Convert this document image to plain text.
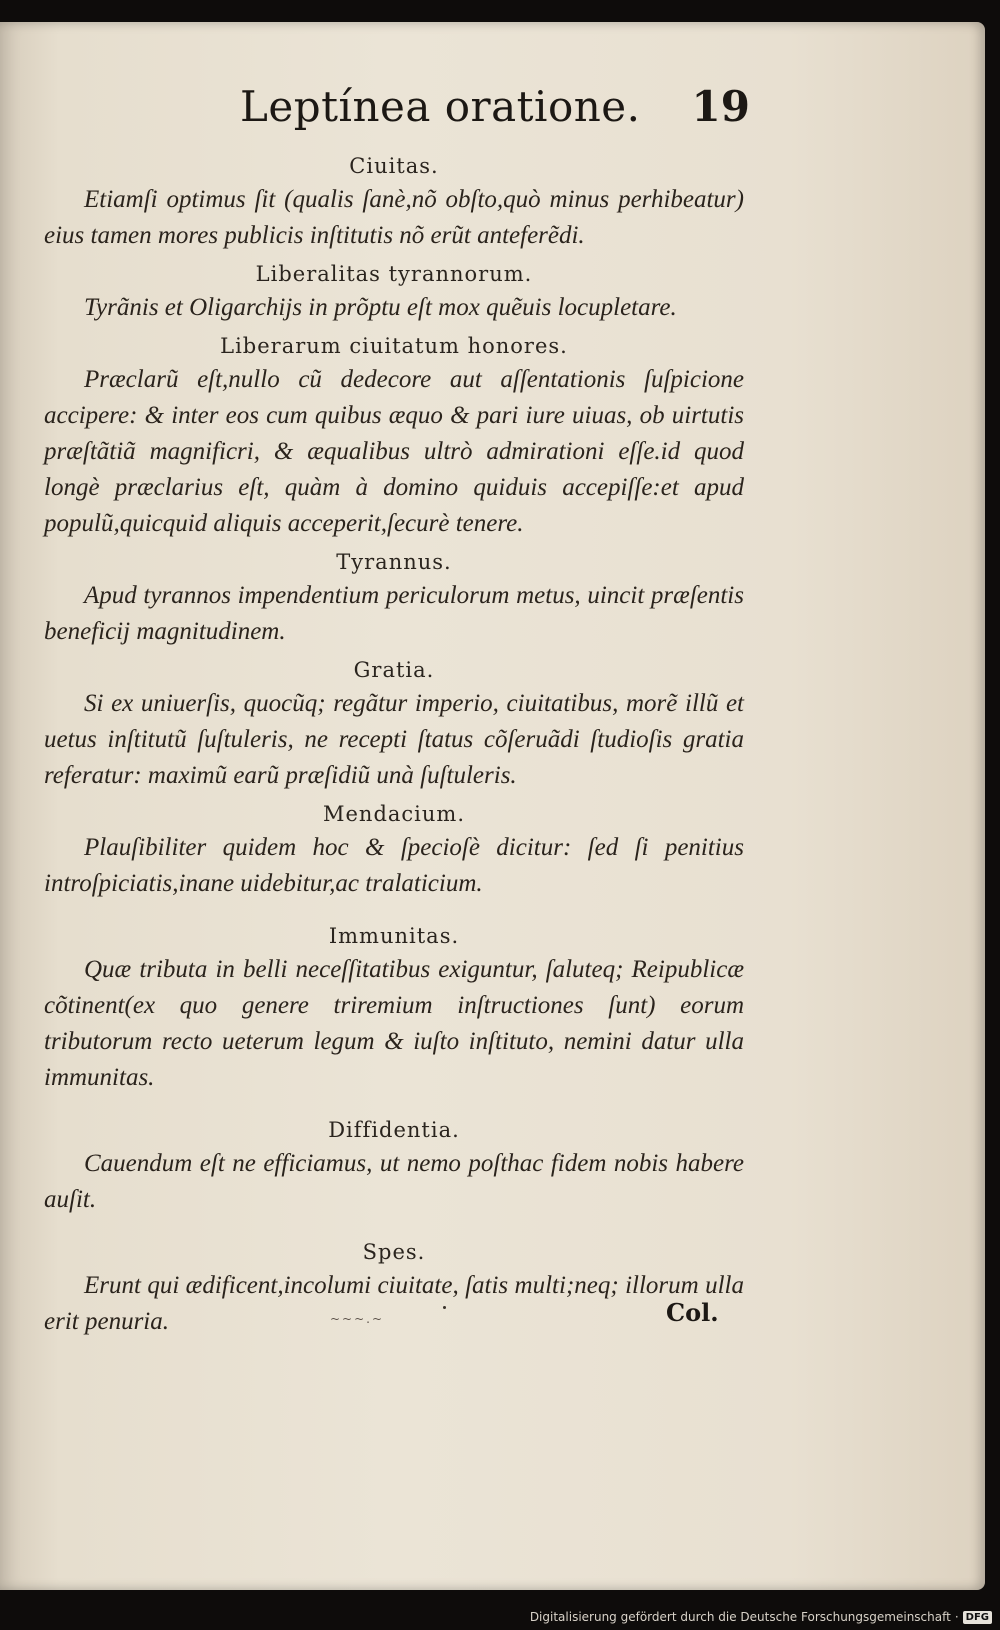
Leptínea oratione. 19

Ciuitas.

Etiamſi optimus ſit (qualis ſanè,nõ obſto,quò minus perhibeatur) eius tamen mores publicis inſtitutis nõ erũt anteferẽdi.

Liberalitas tyrannorum.

Tyrãnis et Oligarchijs in prõptu eſt mox quẽuis locupletare.

Liberarum ciuitatum honores.

Præclarũ eſt,nullo cũ dedecore aut aſſentationis ſuſpicione accipere: & inter eos cum quibus æquo & pari iure uiuas, ob uirtutis præſtãtiã magnificri, & æqualibus ultrò admirationi eſſe.id quod longè præclarius eſt, quàm à domino quiduis accepiſſe:et apud populũ,quicquid aliquis acceperit,ſecurè tenere.

Tyrannus.

Apud tyrannos impendentium periculorum metus, uincit præſentis beneficij magnitudinem.

Gratia.

Si ex uniuerſis, quocũq; regãtur imperio, ciuitatibus, morẽ illũ et uetus inſtitutũ ſuſtuleris, ne recepti ſtatus cõſeruãdi ſtudioſis gratia referatur: maximũ earũ præſidiũ unà ſuſtuleris.

Mendacium.

Plauſibiliter quidem hoc & ſpecioſè dicitur: ſed ſi penitius introſpiciatis,inane uidebitur,ac tralaticium.

Immunitas.

Quæ tributa in belli neceſſitatibus exiguntur, ſaluteq; Reipublicæ cõtinent(ex quo genere triremium inſtructiones ſunt) eorum tributorum recto ueterum legum & iuſto inſtituto, nemini datur ulla immunitas.

Diffidentia.

Cauendum eſt ne efficiamus, ut nemo poſthac fidem nobis habere auſit.

Spes.

Erunt qui ædificent,incolumi ciuitate, ſatis multi;neq; illorum ulla erit penuria.	~~~.~	Col.
Digitalisierung gefördert durch die Deutsche Forschungsgemeinschaft · DFG
